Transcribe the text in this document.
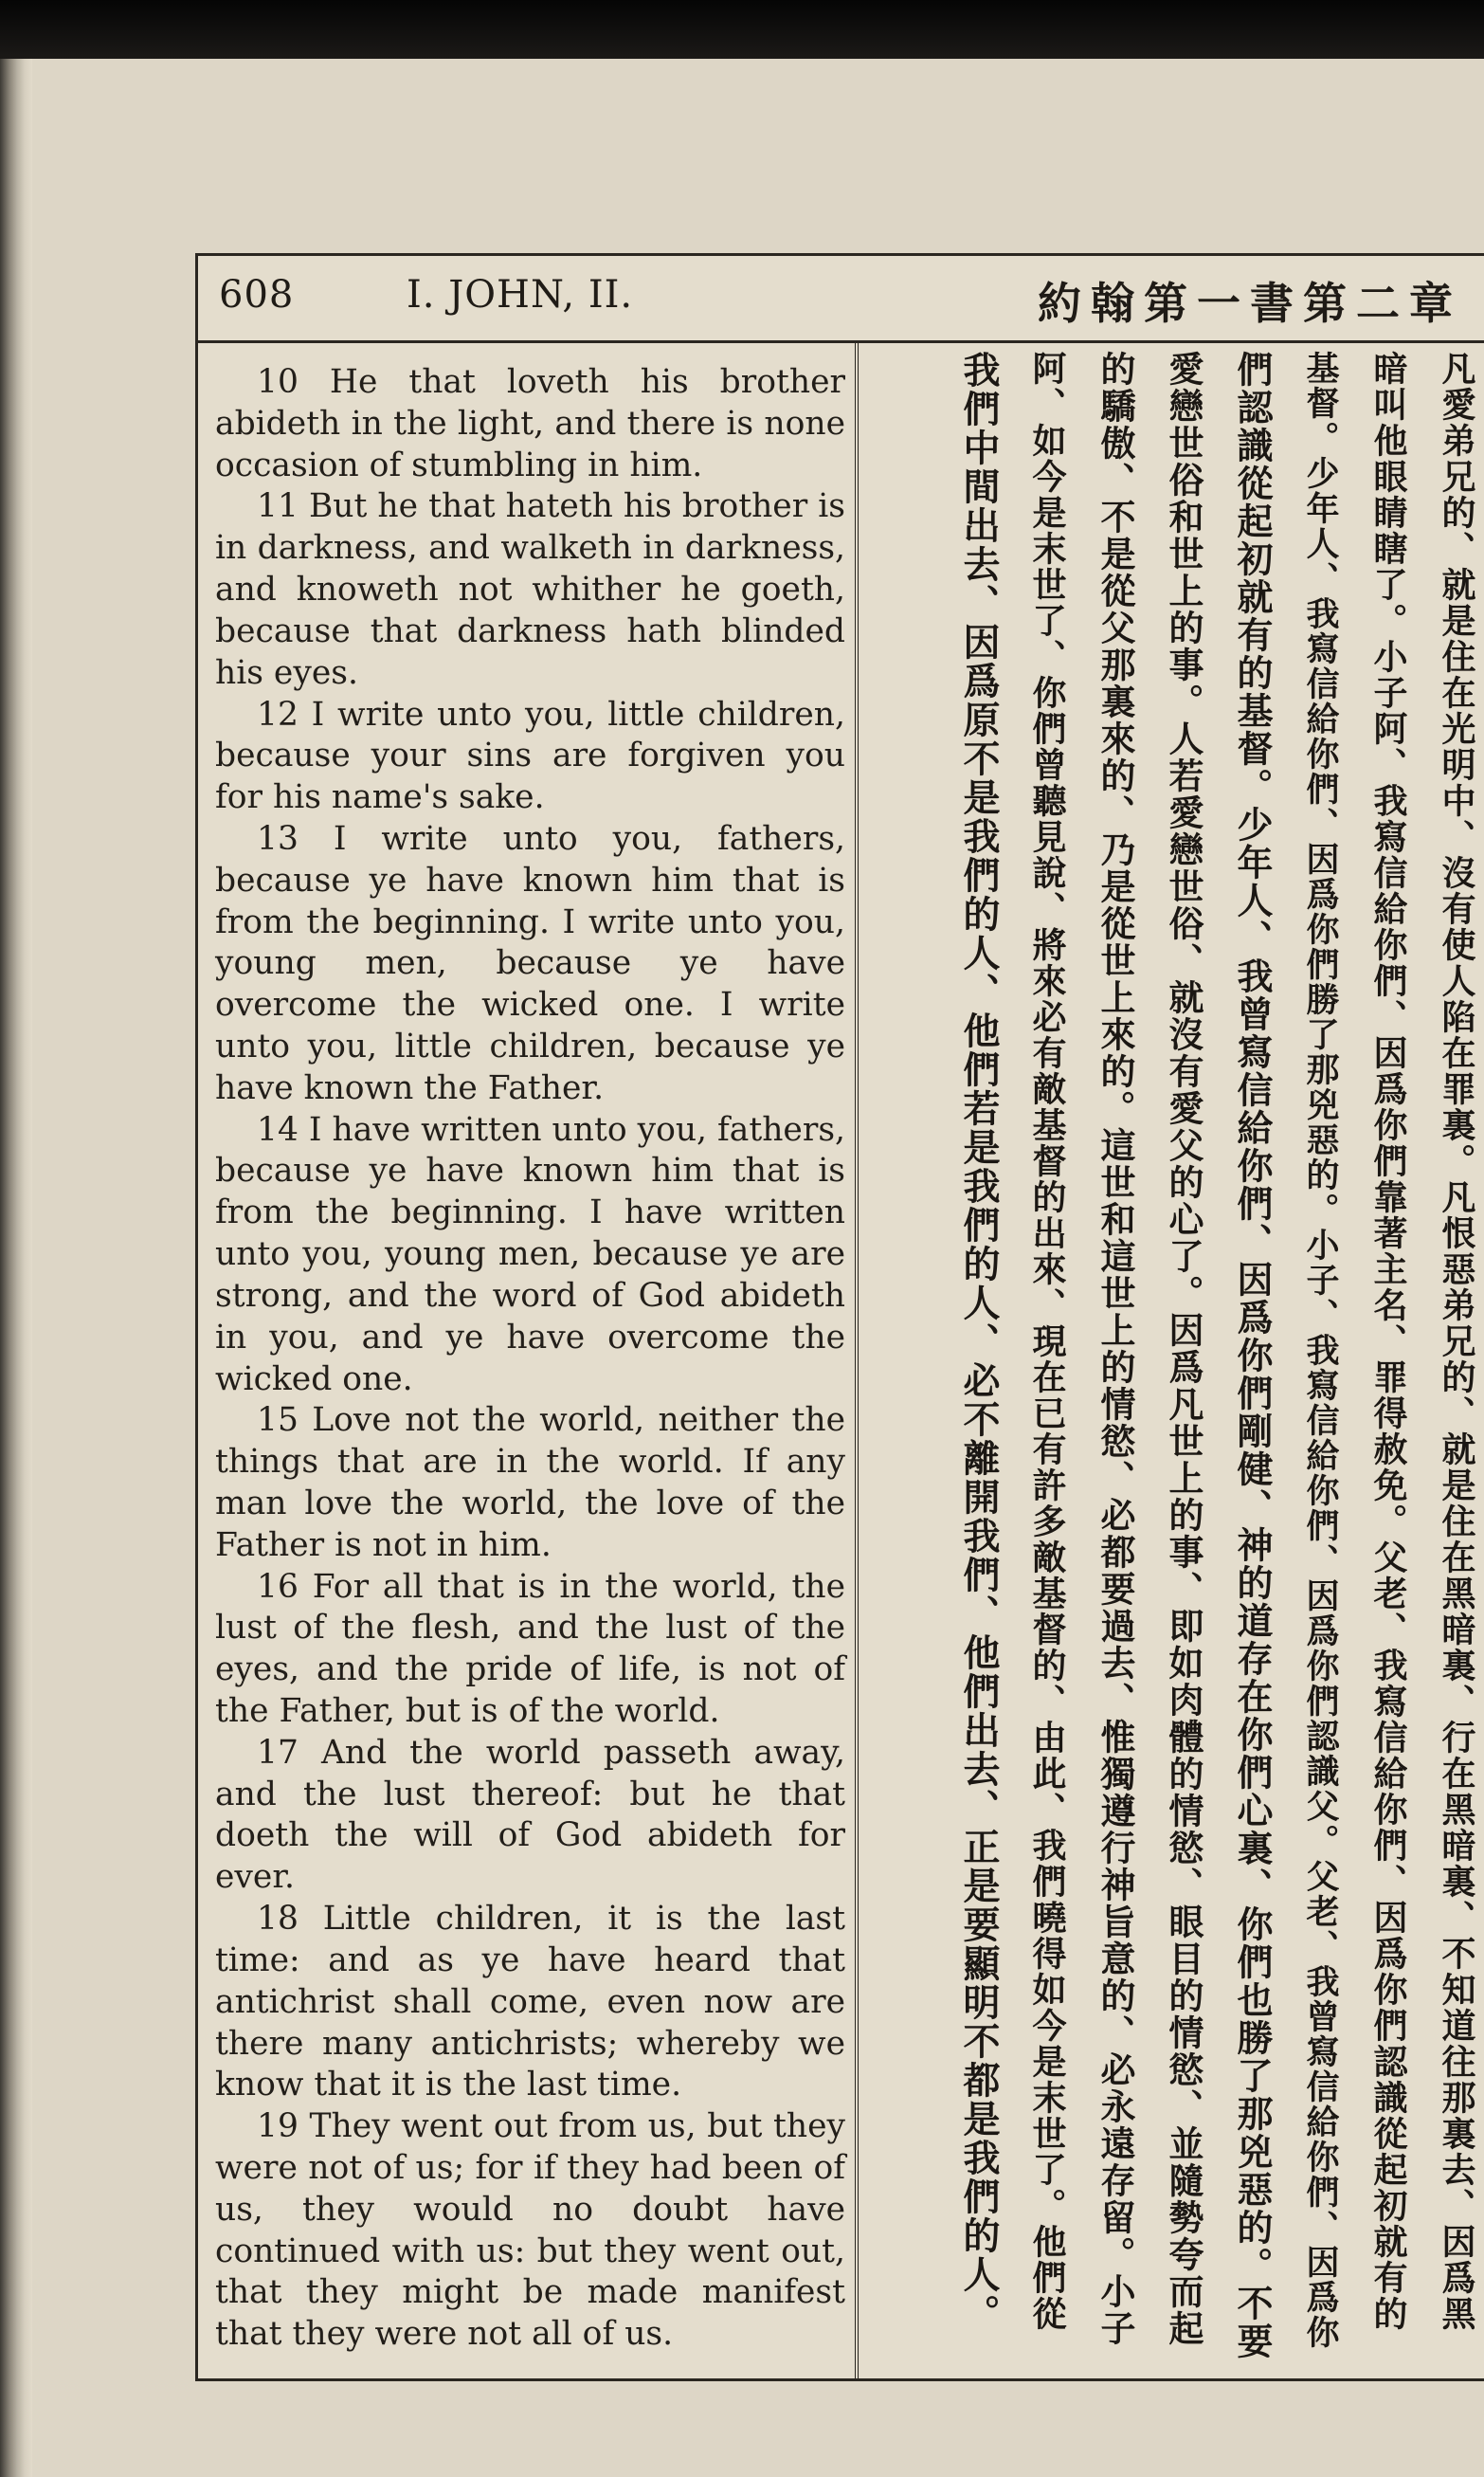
608	I. JOHN, II.	約翰第一書第二章

10 He that loveth his brother abideth in the light, and there is none occasion of stumbling in him.

11 But he that hateth his brother is in darkness, and walketh in darkness, and knoweth not whither he goeth, because that darkness hath blinded his eyes.

12 I write unto you, little children, because your sins are forgiven you for his name's sake.

13 I write unto you, fathers, because ye have known him that is from the beginning. I write unto you, young men, because ye have overcome the wicked one. I write unto you, little children, because ye have known the Father.

14 I have written unto you, fathers, because ye have known him that is from the beginning. I have written unto you, young men, because ye are strong, and the word of God abideth in you, and ye have overcome the wicked one.

15 Love not the world, neither the things that are in the world. If any man love the world, the love of the Father is not in him.

16 For all that is in the world, the lust of the flesh, and the lust of the eyes, and the pride of life, is not of the Father, but is of the world.

17 And the world passeth away, and the lust thereof: but he that doeth the will of God abideth for ever.

18 Little children, it is the last time: and as ye have heard that antichrist shall come, even now are there many antichrists; whereby we know that it is the last time.

19 They went out from us, but they were not of us; for if they had been of us, they would no doubt have continued with us: but they went out, that they might be made manifest that they were not all of us.

凡愛弟兄的、就是住在光明中、沒有使人陷在罪裏。凡恨惡弟兄的、就是住在黑暗裏、行在黑暗裏、不知道往那裏去、因爲黑
暗叫他眼睛瞎了。小子阿、我寫信給你們、因爲你們靠著主名、罪得赦免。父老、我寫信給你們、因爲你們認識從起初就有的
基督。少年人、我寫信給你們、因爲你們勝了那兇惡的。小子、我寫信給你們、因爲你們認識父。父老、我曾寫信給你們、因爲你
們認識從起初就有的基督。少年人、我曾寫信給你們、因爲你們剛健、神的道存在你們心裏、你們也勝了那兇惡的。不要
愛戀世俗和世上的事。人若愛戀世俗、就沒有愛父的心了。因爲凡世上的事、即如肉體的情慾、眼目的情慾、並隨勢夸而起
的驕傲、不是從父那裏來的、乃是從世上來的。這世和這世上的情慾、必都要過去、惟獨遵行神旨意的、必永遠存留。小子
阿、如今是末世了、你們曾聽見說、將來必有敵基督的出來、現在已有許多敵基督的、由此、我們曉得如今是末世了。他們從
我們中間出去、因爲原不是我們的人、他們若是我們的人、必不離開我們、他們出去、正是要顯明不都是我們的人。
